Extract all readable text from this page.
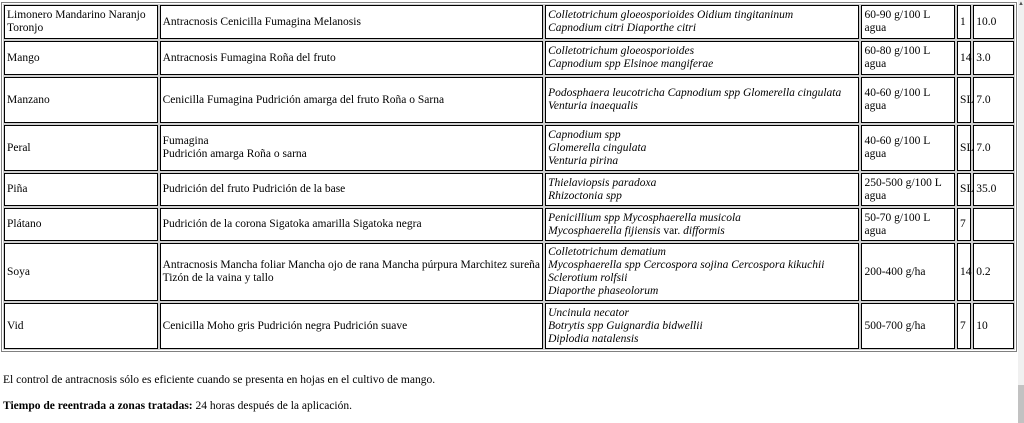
Limonero Mandarino Naranjo Toronjo	Antracnosis Cenicilla Fumagina Melanosis	Colletotrichum gloeosporioides Oidium tingitaninum
Capnodium citri Diaporthe citri	60-90 g/100 L agua	1	10.0
Mango	Antracnosis Fumagina Roña del fruto	Colletotrichum gloeosporioides
Capnodium spp Elsinoe mangiferae	60-80 g/100 L agua	14	3.0
Manzano	Cenicilla Fumagina Pudrición amarga del fruto Roña o Sarna	Podosphaera leucotricha Capnodium spp Glomerella cingulata
Venturia inaequalis	40-60 g/100 L agua	SL	7.0
Peral	Fumagina
Pudrición amarga Roña o sarna	Capnodium spp
Glomerella cingulata
Venturia pirina	40-60 g/100 L agua	SL	7.0
Piña	Pudrición del fruto Pudrición de la base	Thielaviopsis paradoxa
Rhizoctonia spp	250-500 g/100 L agua	SL	35.0
Plátano	Pudrición de la corona Sigatoka amarilla Sigatoka negra	Penicillium spp Mycosphaerella musicola
Mycosphaerella fijiensis var. difformis	50-70 g/100 L agua	7	
Soya	Antracnosis Mancha foliar Mancha ojo de rana Mancha púrpura Marchitez sureña Tizón de la vaina y tallo	Colletotrichum dematium
Mycosphaerella spp Cercospora sojina Cercospora kikuchii
Sclerotium rolfsii
Diaporthe phaseolorum	200-400 g/ha	14	0.2
Vid	Cenicilla Moho gris Pudrición negra Pudrición suave	Uncinula necator
Botrytis spp Guignardia bidwellii
Diplodia natalensis	500-700 g/ha	7	10
El control de antracnosis sólo es eficiente cuando se presenta en hojas en el cultivo de mango.
Tiempo de reentrada a zonas tratadas: 24 horas después de la aplicación.
▲
